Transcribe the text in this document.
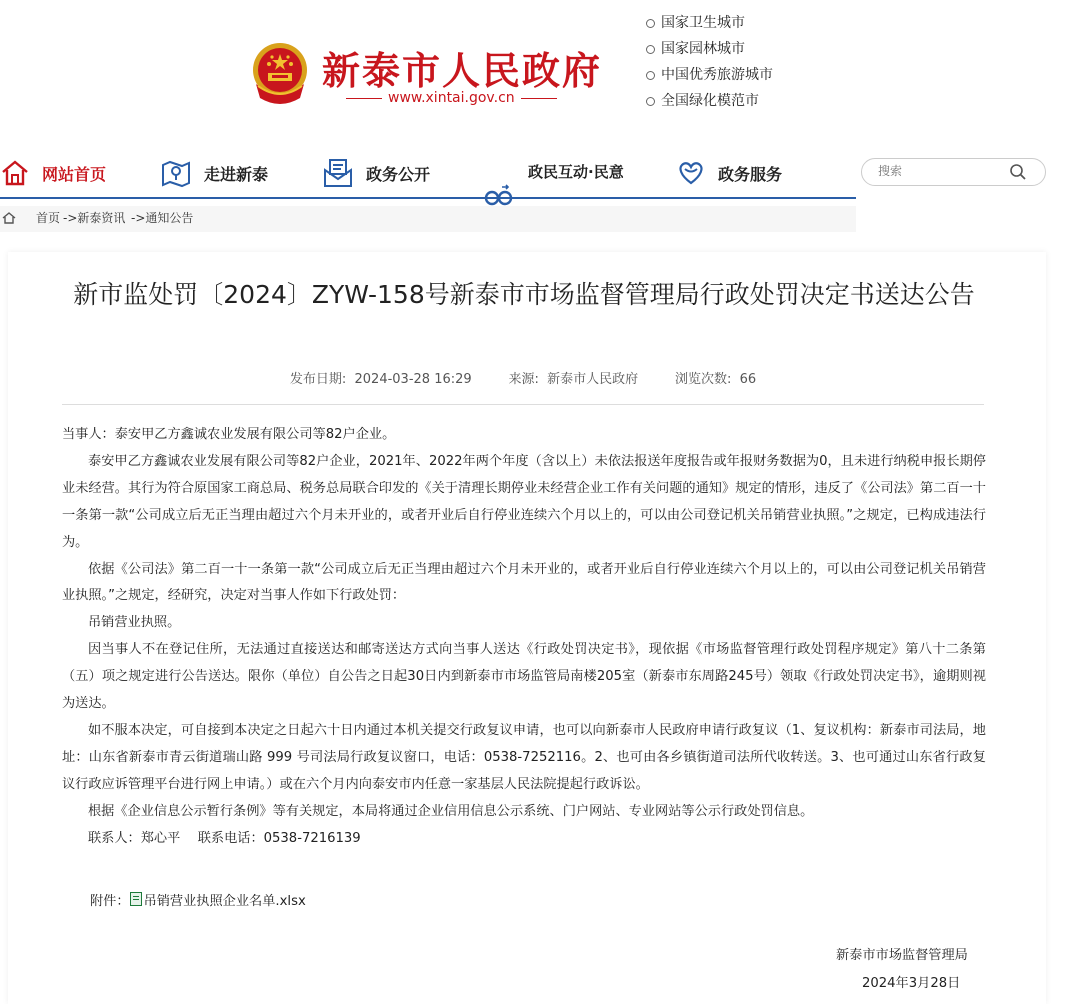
新泰市人民政府
www.xintai.gov.cn
国家卫生城市
国家园林城市
中国优秀旅游城市
全国绿化模范市
网站首页	走进新泰	政务公开	政务服务
政民互动·民意
搜索
首页 ->新泰资讯 ->通知公告
新市监处罚〔2024〕ZYW-158号新泰市市场监督管理局行政处罚决定书送达公告
发布日期: 2024-03-28 16:29	来源: 新泰市人民政府	浏览次数: 66

当事人：泰安甲乙方鑫诚农业发展有限公司等82户企业。

泰安甲乙方鑫诚农业发展有限公司等82户企业，2021年、2022年两个年度（含以上）未依法报送年度报告或年报财务数据为0，且未进行纳税申报长期停业未经营。其行为符合原国家工商总局、税务总局联合印发的《关于清理长期停业未经营企业工作有关问题的通知》规定的情形，违反了《公司法》第二百一十一条第一款“公司成立后无正当理由超过六个月未开业的，或者开业后自行停业连续六个月以上的，可以由公司登记机关吊销营业执照。”之规定，已构成违法行为。

依据《公司法》第二百一十一条第一款“公司成立后无正当理由超过六个月未开业的，或者开业后自行停业连续六个月以上的，可以由公司登记机关吊销营业执照。”之规定，经研究，决定对当事人作如下行政处罚：

吊销营业执照。

因当事人不在登记住所，无法通过直接送达和邮寄送达方式向当事人送达《行政处罚决定书》，现依据《市场监督管理行政处罚程序规定》第八十二条第（五）项之规定进行公告送达。限你（单位）自公告之日起30日内到新泰市市场监管局南楼205室（新泰市东周路245号）领取《行政处罚决定书》，逾期则视为送达。

如不服本决定，可自接到本决定之日起六十日内通过本机关提交行政复议申请，也可以向新泰市人民政府申请行政复议（1、复议机构：新泰市司法局，地址：山东省新泰市青云街道瑞山路 999 号司法局行政复议窗口，电话：0538-7252116。2、也可由各乡镇街道司法所代收转送。3、也可通过山东省行政复议行政应诉管理平台进行网上申请。）或在六个月内向泰安市内任意一家基层人民法院提起行政诉讼。

根据《企业信息公示暂行条例》等有关规定，本局将通过企业信用信息公示系统、门户网站、专业网站等公示行政处罚信息。

联系人：郑心平　 联系电话：0538-7216139

附件： 吊销营业执照企业名单.xlsx
新泰市市场监督管理局
2024年3月28日
